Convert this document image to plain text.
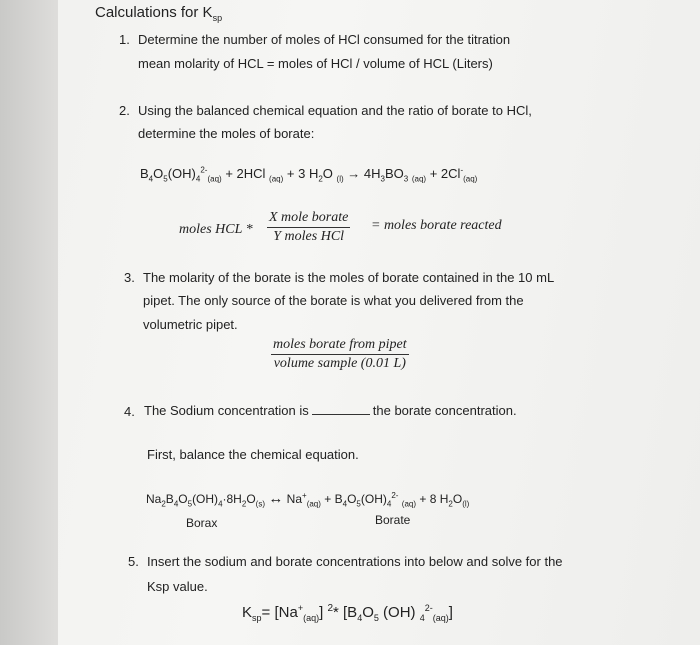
Calculations for $K_{sp}$
1. Determine the number of moles of HCl consumed for the titration
mean molarity of HCL = moles of HCl / volume of HCL (Liters)
2. Using the balanced chemical equation and the ratio of borate to HCl,
determine the moles of borate:
$B_4O_5(OH)_4^{2-}_{(aq)} + 2HCl$ $_{(aq)}$ + 3 $H_2O$ $_{(l)} \to 4H_3BO_3$ $_{(aq)} + 2Cl^-_{(aq)}$
moles HCL *
X mole borate
Y moles HCl
= moles borate reacted
3. The molarity of the borate is the moles of borate contained in the 10 mL
pipet. The only source of the borate is what you delivered from the
volumetric pipet.
moles borate from pipet
volume sample (0.01 L)
4. The Sodium concentration is	the borate concentration.
First, balance the chemical equation.
$Na_2B_4O_5(OH)_4\cdot 8H_2O_{(s)}$ ↔ $Na^+_{(aq)} + B_4O_5(OH)_4^{2-}$ $_{(aq)}$ + 8 $H_2O_{(l)}$
Borax	Borate
5. Insert the sodium and borate concentrations into below and solve for the
Ksp value.
$K_{sp}= [Na^+_{(aq)}]$ $^2$* [$B_4O_5$ (OH) $_4^{2-}_{(aq)}$]
